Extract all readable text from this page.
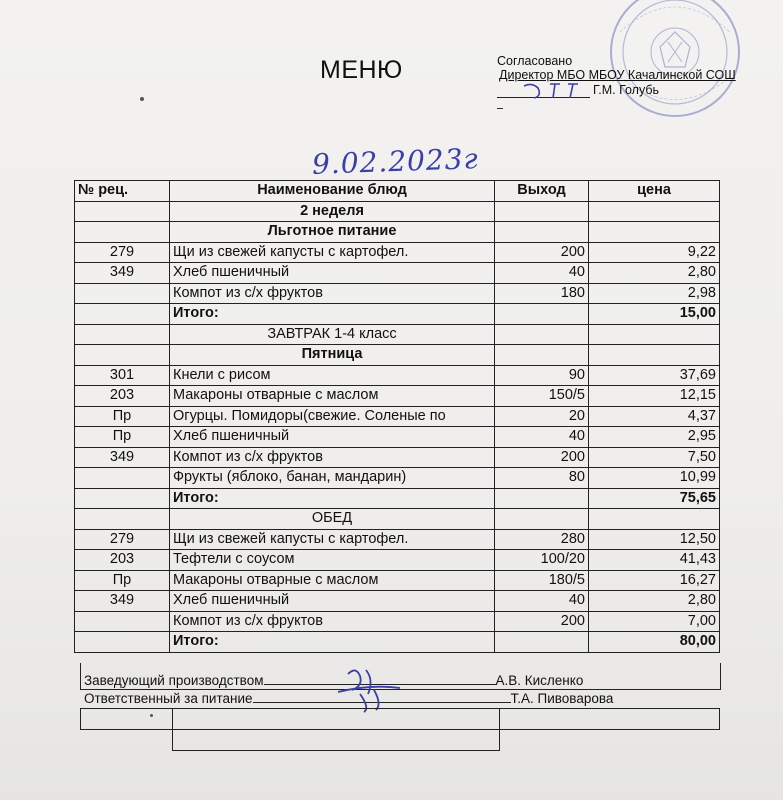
МЕНЮ	Согласовано
Директор МБО МБОУ Качалинской СОШ
Г.М. Голубь
9.02.2023г
№ рец.	Наименование блюд	Выход	цена
	2 неделя		
	Льготное питание		
279	Щи из свежей капусты с картофел.	200	9,22
349	Хлеб пшеничный	40	2,80
	Компот из с/х фруктов	180	2,98
	Итого:		15,00
	ЗАВТРАК 1-4 класс		
	Пятница		
301	Кнели с рисом	90	37,69
203	Макароны отварные с маслом	150/5	12,15
Пр	Огурцы. Помидоры(свежие. Соленые по	20	4,37
Пр	Хлеб пшеничный	40	2,95
349	Компот из с/х фруктов	200	7,50
	Фрукты (яблоко, банан, мандарин)	80	10,99
	Итого:		75,65
	ОБЕД		
279	Щи из свежей капусты с картофел.	280	12,50
203	Тефтели с соусом	100/20	41,43
Пр	Макароны отварные с маслом	180/5	16,27
349	Хлеб пшеничный	40	2,80
	Компот из с/х фруктов	200	7,00
	Итого:		80,00
Заведующий производством	А.В. Кисленко
Ответственный за питание	Т.А. Пивоварова
